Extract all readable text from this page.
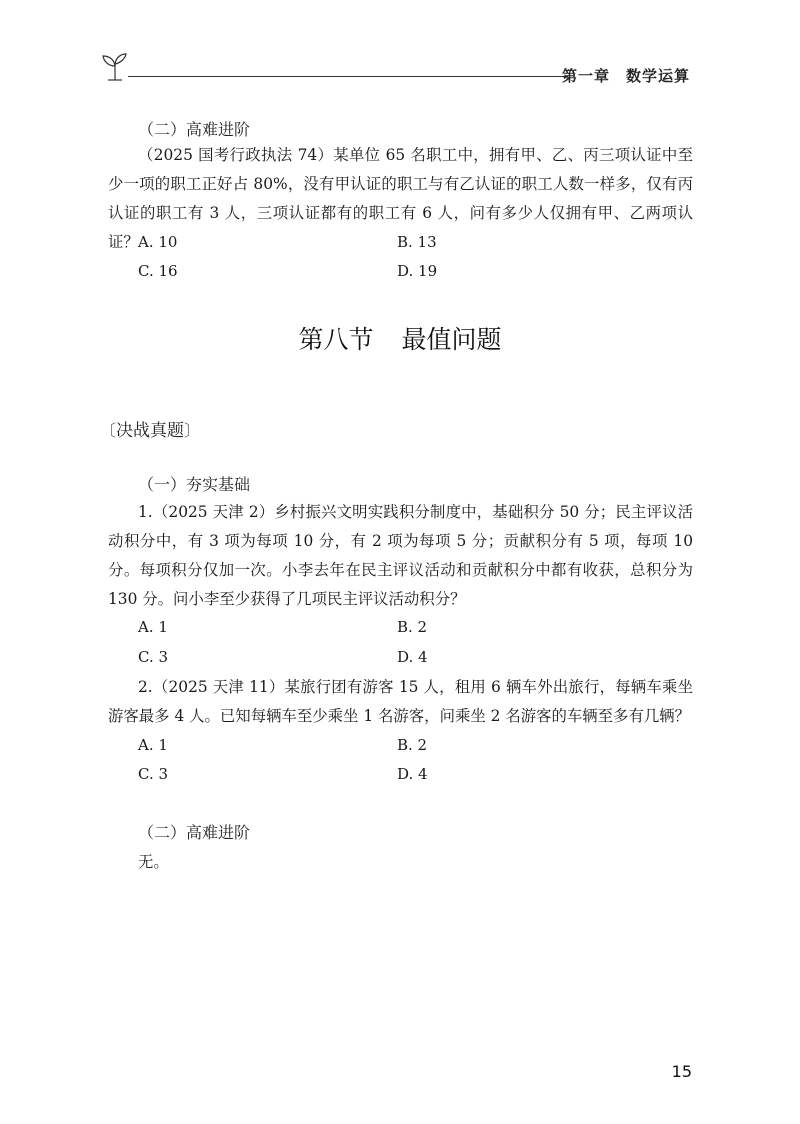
第一章　数学运算
（二）高难进阶

（2025 国考行政执法 74）某单位 65 名职工中，拥有甲、乙、丙三项认证中至少一项的职工正好占 80%，没有甲认证的职工与有乙认证的职工人数一样多，仅有丙认证的职工有 3 人，三项认证都有的职工有 6 人，问有多少人仅拥有甲、乙两项认证？ A. 10	B. 13
C. 16	D. 19
第八节 最值问题
〔决战真题〕
（一）夯实基础

1.（2025 天津 2）乡村振兴文明实践积分制度中，基础积分 50 分；民主评议活动积分中，有 3 项为每项 10 分，有 2 项为每项 5 分；贡献积分有 5 项，每项 10 分。每项积分仅加一次。小李去年在民主评议活动和贡献积分中都有收获，总积分为 130 分。问小李至少获得了几项民主评议活动积分？

A. 1	B. 2
C. 3	D. 4

2.（2025 天津 11）某旅行团有游客 15 人，租用 6 辆车外出旅行，每辆车乘坐游客最多 4 人。已知每辆车至少乘坐 1 名游客，问乘坐 2 名游客的车辆至多有几辆？

A. 1	B. 2
C. 3	D. 4
（二）高难进阶
无。
15
